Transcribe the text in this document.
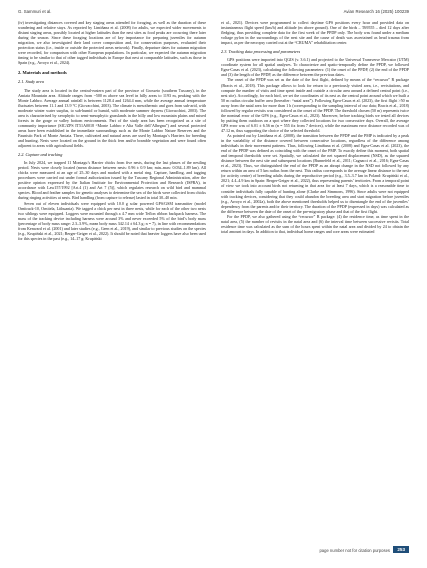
G. Sammuri et al.	Avian Research 16 (2025) 100239

(iv) investigating distances covered and key staging areas attended for foraging, as well as the duration of these wandering and relative stays. As reported by Limiñana et al. (2008) for adults, we expected wider movements to distant staging areas, possibly located at higher latitudes than the nest sites as food peaks are occurring there later during the season. Since these foraging locations are of key importance for preparing juveniles for autumn migration, we also investigated their land cover composition and, for conservation purposes, evaluated their protection status (i.e., inside or outside the protected areas network). Finally, departure dates for autumn migration were recorded, for comparison with other European populations. In particular, we expected the autumn migration timing to be similar to that of other tagged individuals in Europe that nest at comparable latitudes, such as those in Spain (e.g., Arroyo et al., 2024).

2. Materials and methods
2.1. Study area

The study area is located in the central-eastern part of the province of Grosseto (southern Tuscany), in the Amiata Mountain area. Altitude ranges from ~500 m above sea level in hilly areas to 1193 m, peaking with the Monte Labbro. Average annual rainfall is between 1128.4 and 1264.4 mm, while the average annual temperature fluctuates between 11.1 and 13.9 °C (Giovacchini, 2003). The climate is mesothermic and goes from sub-arid, with moderate winter water surplus, to sub-humid or humid, with moderate summer dryness (Giovacchini, 2003). The area is characterised by xerophytic to semi-mesophytic grasslands in the hilly and low mountain plains and mixed forests in the gorge or valley bottom environments. Part of the study area has been recognized as a site of community importance (SIC/ZPS IT51A0018 “Monte Labbro e Alta Valle dell’Albegna”) and several protected areas have been established in the immediate surroundings such as the Monte Labbro Nature Reserves and the Faunistic Park of Monte Amiata. There, cultivated and natural areas are used by Montagu’s Harriers for breeding and hunting. Nests were located on the ground in the thick fern and/or bramble vegetation and were found often adjacent to areas with agricultural fields.

2.2. Capture and tracking

In July 2024, we trapped 11 Montagu’s Harrier chicks from five nests, during the last phases of the nestling period. Nests were closely located (mean distance between nests: 0.96 ± 0.9 km; min–max: 0.034–1.89 km). All chicks were measured at an age of 25–30 days and marked with a metal ring. Capture, handling, and tagging procedures were carried out under formal authorization issued by the Tuscany Regional Administration, after the positive opinion expressed by the Italian Institute for Environmental Protection and Research (ISPRA), in accordance with Law157/1992 [Art.4 (1) and Art 7 (5)], which regulates research on wild bird and mammal species. Blood and feather samples for genetic analyses to determine the sex of the birds were collected from chicks during ringing activities at nests. Bird handling (from capture to release) lasted in total 30–40 min.

Seven out of eleven individuals were equipped with 10.0 g solar powered GPS/GSM transmitter (model Ornitrack-10, Ornitela, Lithuania). We tagged a chick per nest in three nests, while for each of the other two nests two siblings were equipped. Loggers were mounted through a 4.7 mm wide Teflon ribbon backpack harness. The mass of the tracking device including harness were around 3% and never exceeded 5% of the bird’s body mass (percentage of body mass range: 2.3–3.9%, mean body mass 342.14 ± 64.3 g; n = 7), in line with recommendations from Kenward et al. (2001) and later studies (e.g., Geen et al., 2019), and similar to previous studies on the species (e.g., Krupiński et al., 2021; Berger-Geiger et al., 2022). It should be noted that heavier loggers have also been used for this species in the past (e.g., 14–17 g: Krupiński

et al., 2021). Devices were programmed to collect daytime GPS positions every hour and provided data on instantaneous flight speed (km/h) and altitude (m above ground). One of the birds – T69555 – died 12 days after fledging, thus providing complete data for the first week of the PPDP only. The body was found under a medium voltage pylon in the surroundings of the nest site and the cause of death was ascertained as head trauma from impact, as per the necropsy carried out at the “CRUMA” rehabilitation center.

2.3. Tracking data processing and parameters

GPS positions were imported into QGIS (v. 3.6.1) and projected to the Universal Transverse Mercator (UTM) coordinate system for all spatial analyses. To characterize and spatio-temporally define the PPDP, we followed Egea-Casas et al. (2023), calculating the following parameters: (1) the onset of the PPDP, (2) the end of the PPDP and (3) the length of the PPDP, as the difference between the previous dates.

The onset of the PPDP was set as the date of the first flight, defined by means of the “recursor” R package (Bracis et al., 2018). This package allows to look for return to a previously visited area, i.e., revisitations, and compute the number of visits and time spent inside and outside a circular area around a defined central point (i.e., nest site). Accordingly, for each bird, we set the coordinates of its nest as the central point around which we built a 50 m radius circular buffer area (hereafter: “natal area”). Following Egea-Casas et al. (2023), the first flight >50 m away from the natal area for more than 1 h (corresponding to the sampling interval of our data; Bracis et al., 2018) followed by regular revisits was considered as the onset of the PPDP. The threshold chosen (50 m) represents twice the nominal error of the GPS (e.g., Egea-Casas et al., 2023). Moreover, before tracking birds we tested all devices by putting them outdoors on a spot where they collected locations for two consecutive days. Overall, the average GPS error was of 6.01 ± 6.56 m (n = 555 fix from 7 devices), while the maximum error distance recorded was of 47.12 m, thus supporting the choice of the selected threshold.

As pointed out by Limiñana et al. (2008), the transition between the PPDP and the PMP is indicated by a peak in the variability of the distance covered between consecutive locations, regardless of the difference among individuals in their movement patterns. Thus, following Limiñana et al. (2008) and Egea-Casas et al. (2023), the end of the PPDP was defined as coinciding with the onset of the PMP. To exactly define this moment, both spatial and temporal thresholds were set. Spatially, we calculated the net squared displacement (NSD), as the squared distance between the nest site and subsequent locations (Bunnefeld et al., 2011; Cagnacci et al., 2016; Egea-Casas et al., 2023). Thus, we distinguished the end of the PPDP as an abrupt change in the NSD not followed by any return within an area of 5 km radius from the nest. This radius corresponds to the average linear distance to the nest (or activity centre) of breeding adults during the reproductive period (e.g., 3.5–3.7 km in Poland: Krupiński et al., 2021; 4.4–4.9 km in Spain: Berger-Geiger et al., 2022), thus representing parents’ territories. From a temporal point of view we took into account birds not returning in that area for at least 7 days, which is a reasonable time to consider individuals fully capable of hunting alone (Clarke and Simmons, 1996). Since adults were not equipped with tracking devices, considering that they could abandon the breeding area and start migration before juveniles (e.g., Arroyo et al., 2002a), both the above mentioned thresholds helped us to disentangle the end of the juveniles’ dependency from the parents and/or their territory. The duration of the PPDP (expressed in days) was calculated as the difference between the date of the onset of the pre-migratory phase and that of the first flight.

For the PPDP, we also gathered using the “recursor” R package: (4) the residence time, as time spent in the natal area, (5) the number of revisits in the natal area and (6) the interval time between successive revisits. Total residence time was calculated as the sum of the hours spent within the natal area and divided by 24 to obtain the total amount in days. In addition to that, individual home ranges and core areas were estimated

page number not for citation purposes	253
